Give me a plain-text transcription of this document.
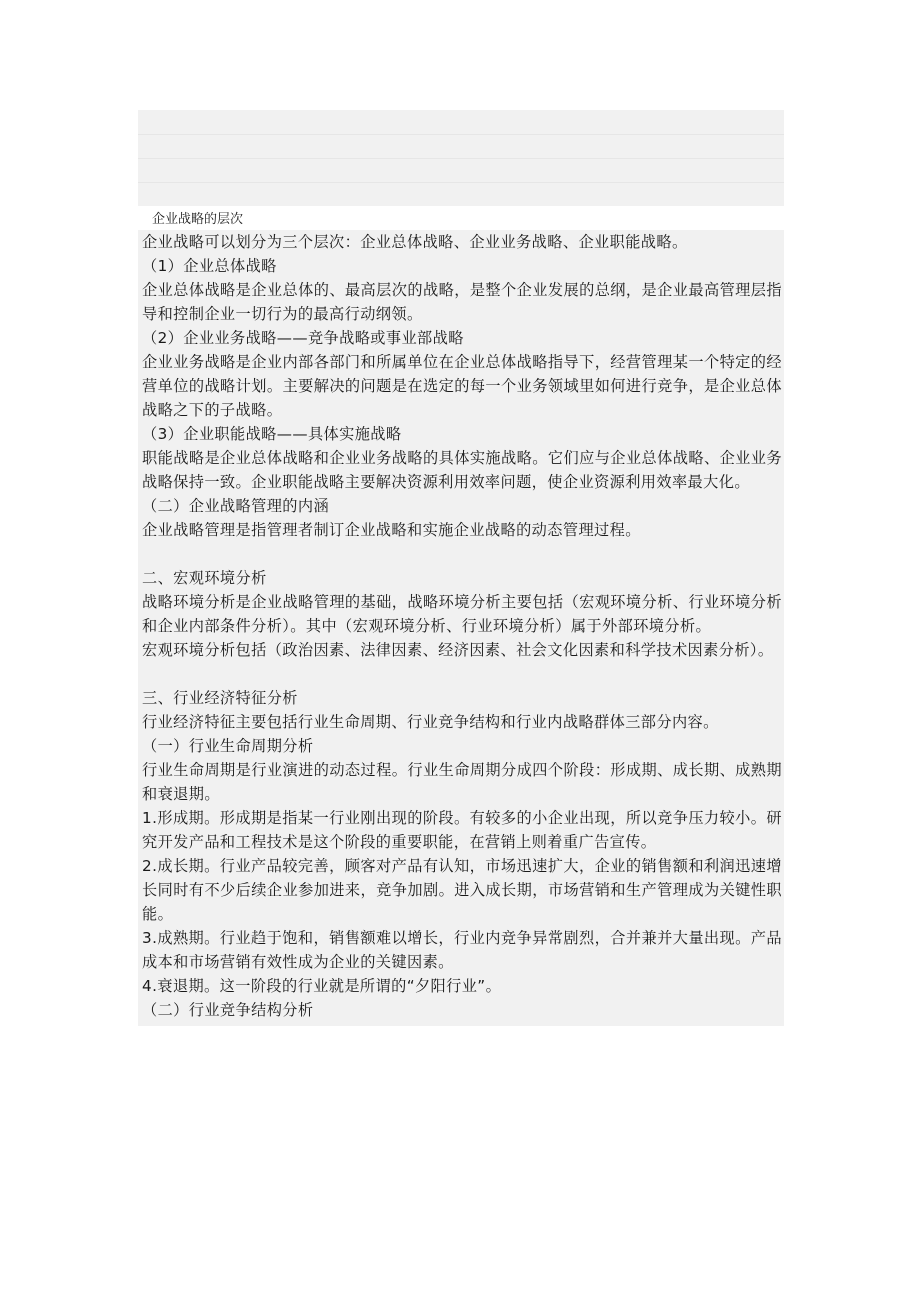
企业战略的层次

企业战略可以划分为三个层次：企业总体战略、企业业务战略、企业职能战略。

（1）企业总体战略

企业总体战略是企业总体的、最高层次的战略，是整个企业发展的总纲，是企业最高管理层指导和控制企业一切行为的最高行动纲领。

（2）企业业务战略——竞争战略或事业部战略

企业业务战略是企业内部各部门和所属单位在企业总体战略指导下，经营管理某一个特定的经营单位的战略计划。主要解决的问题是在选定的每一个业务领域里如何进行竞争，是企业总体战略之下的子战略。

（3）企业职能战略——具体实施战略

职能战略是企业总体战略和企业业务战略的具体实施战略。它们应与企业总体战略、企业业务战略保持一致。企业职能战略主要解决资源利用效率问题，使企业资源利用效率最大化。

（二）企业战略管理的内涵

企业战略管理是指管理者制订企业战略和实施企业战略的动态管理过程。

二、宏观环境分析

战略环境分析是企业战略管理的基础，战略环境分析主要包括（宏观环境分析、行业环境分析和企业内部条件分析）。其中（宏观环境分析、行业环境分析）属于外部环境分析。

宏观环境分析包括（政治因素、法律因素、经济因素、社会文化因素和科学技术因素分析）。

三、行业经济特征分析

行业经济特征主要包括行业生命周期、行业竞争结构和行业内战略群体三部分内容。

（一）行业生命周期分析

行业生命周期是行业演进的动态过程。行业生命周期分成四个阶段：形成期、成长期、成熟期和衰退期。

1.形成期。形成期是指某一行业刚出现的阶段。有较多的小企业出现，所以竞争压力较小。研究开发产品和工程技术是这个阶段的重要职能，在营销上则着重广告宣传。

2.成长期。行业产品较完善，顾客对产品有认知，市场迅速扩大，企业的销售额和利润迅速增长同时有不少后续企业参加进来，竞争加剧。进入成长期，市场营销和生产管理成为关键性职能。

3.成熟期。行业趋于饱和，销售额难以增长，行业内竞争异常剧烈，合并兼并大量出现。产品成本和市场营销有效性成为企业的关键因素。

4.衰退期。这一阶段的行业就是所谓的“夕阳行业”。

（二）行业竞争结构分析
